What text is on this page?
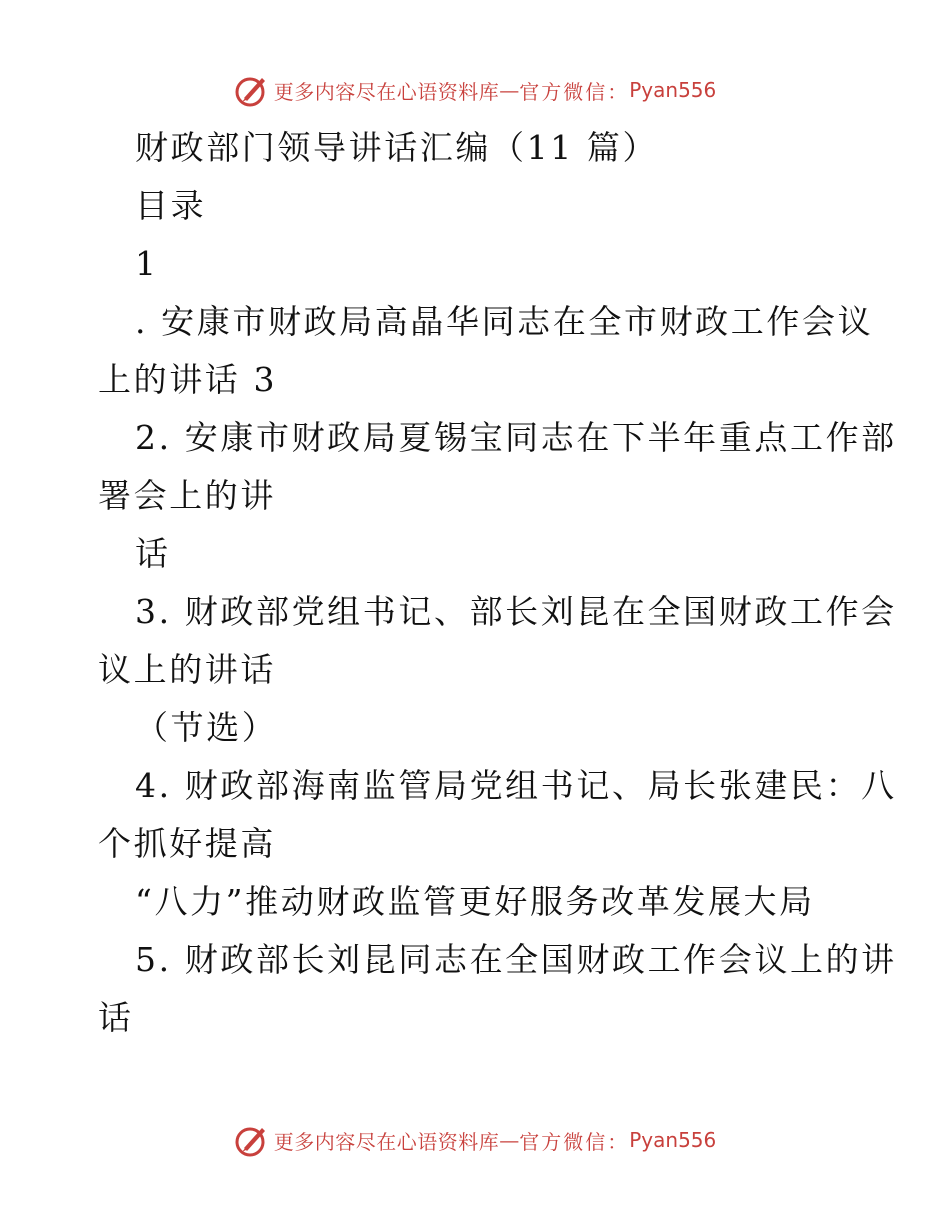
更多内容尽在心语资料库 — 官方微信： Pyan556
财政部门领导讲话汇编（11 篇）
目录
1
. 安康市财政局高晶华同志在全市财政工作会议
上的讲话 3
2. 安康市财政局夏锡宝同志在下半年重点工作部
署会上的讲
话
3. 财政部党组书记、部长刘昆在全国财政工作会
议上的讲话
（节选）
4. 财政部海南监管局党组书记、局长张建民：八
个抓好提高
“八力”推动财政监管更好服务改革发展大局
5. 财政部长刘昆同志在全国财政工作会议上的讲
话
更多内容尽在心语资料库 — 官方微信： Pyan556
